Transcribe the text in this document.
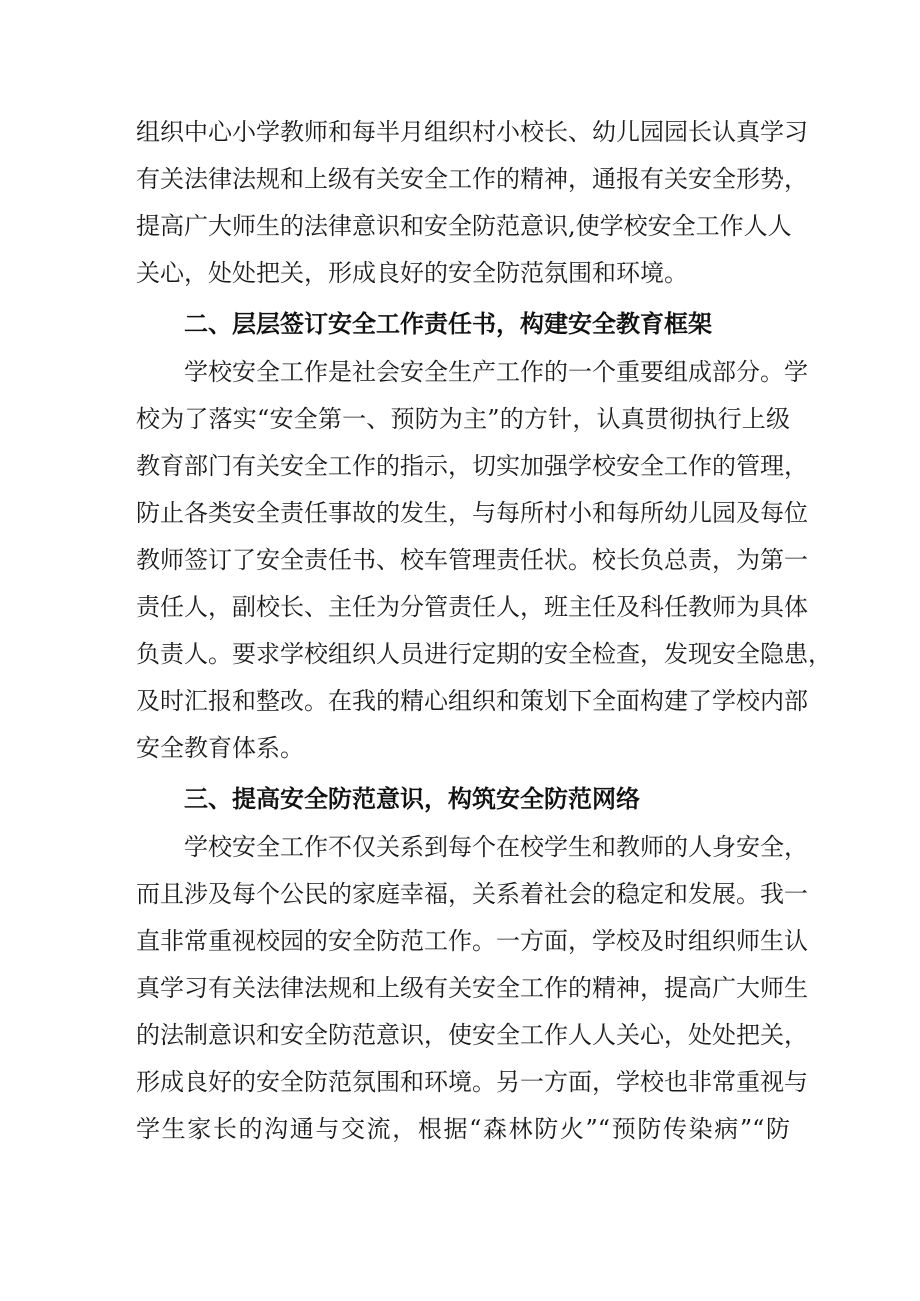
组织中心小学教师和每半月组织村小校长、幼儿园园长认真学习
有关法律法规和上级有关安全工作的精神，通报有关安全形势，
提高广大师生的法律意识和安全防范意识,使学校安全工作人人
关心，处处把关，形成良好的安全防范氛围和环境。
二、层层签订安全工作责任书，构建安全教育框架
学校安全工作是社会安全生产工作的一个重要组成部分。学
校为了落实“安全第一、预防为主”的方针，认真贯彻执行上级
教育部门有关安全工作的指示，切实加强学校安全工作的管理，
防止各类安全责任事故的发生，与每所村小和每所幼儿园及每位
教师签订了安全责任书、校车管理责任状。校长负总责，为第一
责任人，副校长、主任为分管责任人，班主任及科任教师为具体
负责人。要求学校组织人员进行定期的安全检查，发现安全隐患，
及时汇报和整改。在我的精心组织和策划下全面构建了学校内部
安全教育体系。
三、提高安全防范意识，构筑安全防范网络
学校安全工作不仅关系到每个在校学生和教师的人身安全，
而且涉及每个公民的家庭幸福，关系着社会的稳定和发展。我一
直非常重视校园的安全防范工作。一方面，学校及时组织师生认
真学习有关法律法规和上级有关安全工作的精神，提高广大师生
的法制意识和安全防范意识，使安全工作人人关心，处处把关，
形成良好的安全防范氛围和环境。另一方面，学校也非常重视与
学生家长的沟通与交流，根据“森林防火”“预防传染病”“防
